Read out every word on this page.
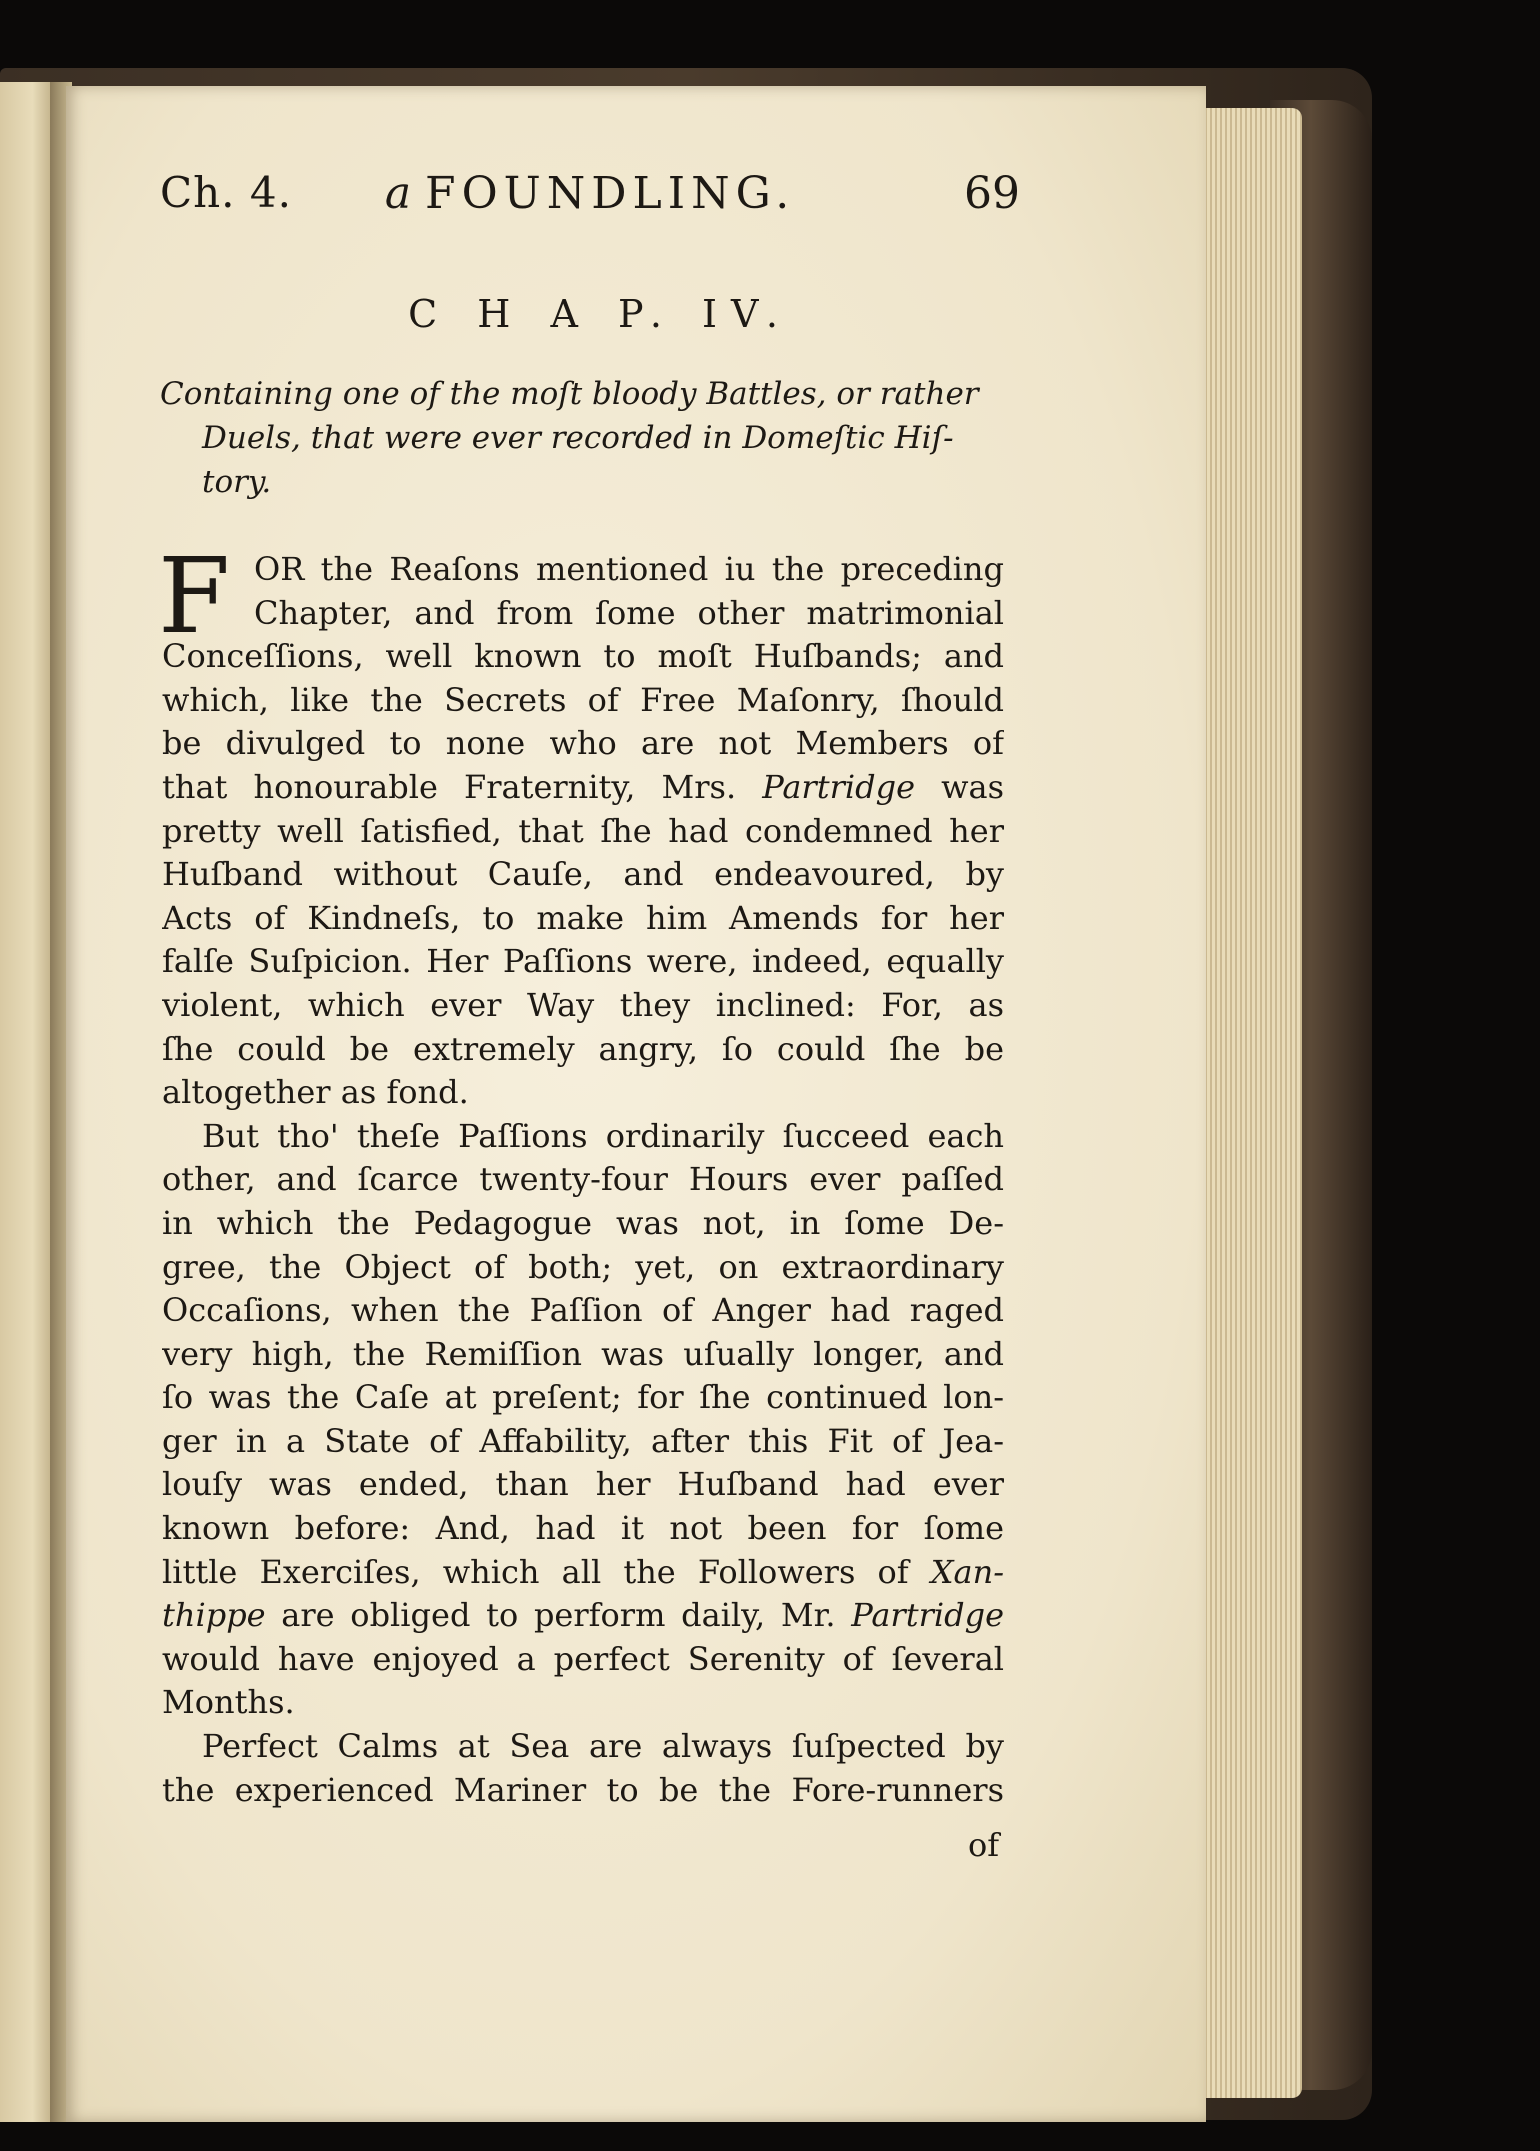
Ch. 4.	a FOUNDLING.	69
C H A P. IV.
Containing one of the moſt bloody Battles, or rather
Duels, that were ever recorded in Domeſtic Hiſ-
tory.
F OR the Reaſons mentioned iu the preceding
Chapter, and from ſome other matrimonial
Conceſſions, well known to moſt Huſbands; and
which, like the Secrets of Free Maſonry, ſhould
be divulged to none who are not Members of
that honourable Fraternity, Mrs. Partridge was
pretty well ſatisfied, that ſhe had condemned her
Huſband without Cauſe, and endeavoured, by
Acts of Kindneſs, to make him Amends for her
falſe Suſpicion. Her Paſſions were, indeed, equally
violent, which ever Way they inclined: For, as
ſhe could be extremely angry, ſo could ſhe be
altogether as fond.
But tho' theſe Paſſions ordinarily ſucceed each
other, and ſcarce twenty-four Hours ever paſſed
in which the Pedagogue was not, in ſome De-
gree, the Object of both; yet, on extraordinary
Occaſions, when the Paſſion of Anger had raged
very high, the Remiſſion was uſually longer, and
ſo was the Caſe at preſent; for ſhe continued lon-
ger in a State of Affability, after this Fit of Jea-
louſy was ended, than her Huſband had ever
known before: And, had it not been for ſome
little Exerciſes, which all the Followers of Xan-
thippe are obliged to perform daily, Mr. Partridge
would have enjoyed a perfect Serenity of ſeveral
Months.
Perfect Calms at Sea are always ſuſpected by
the experienced Mariner to be the Fore-runners
of
